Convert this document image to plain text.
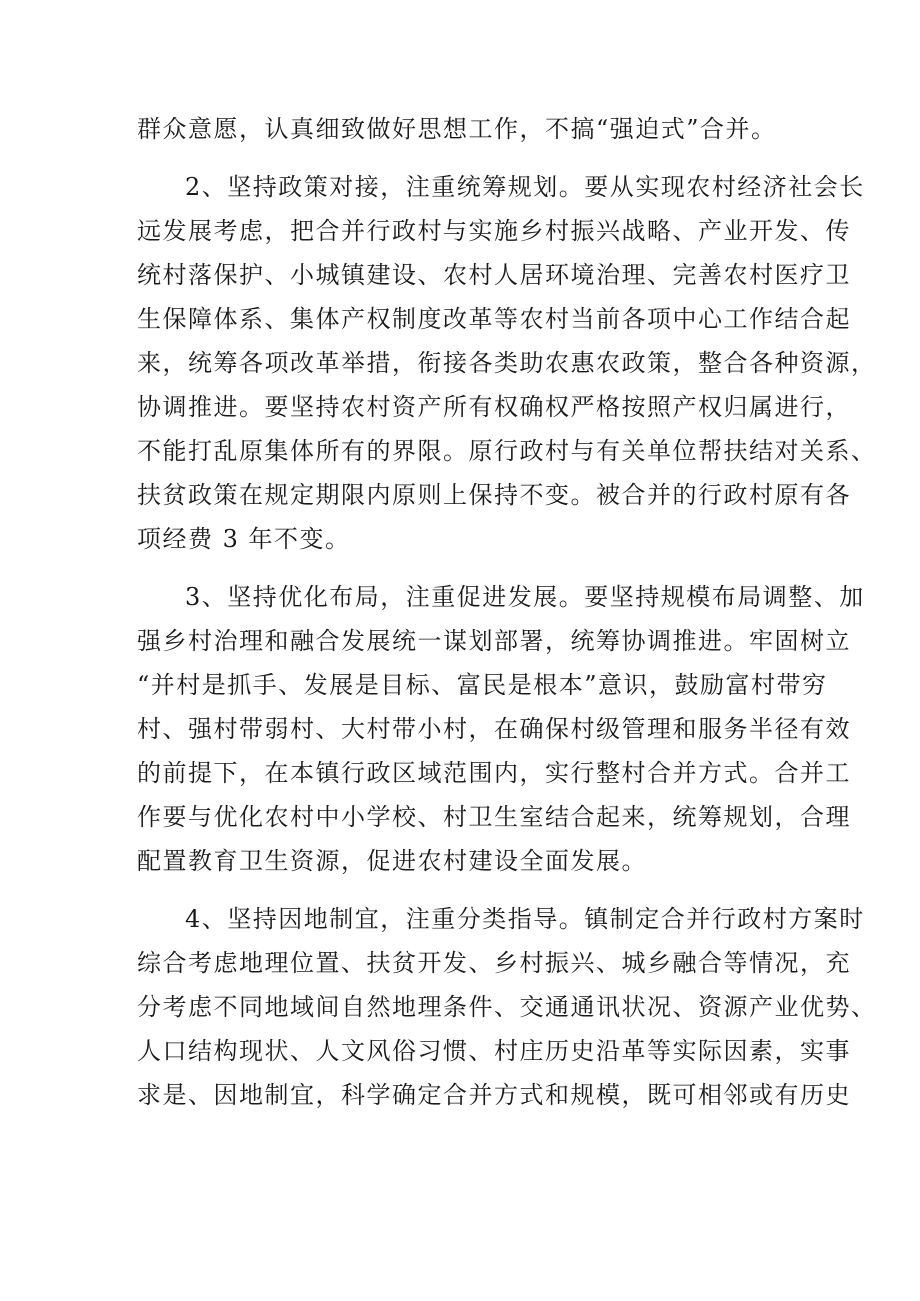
群众意愿，认真细致做好思想工作，不搞“强迫式”合并。
2、坚持政策对接，注重统筹规划。要从实现农村经济社会长
远发展考虑，把合并行政村与实施乡村振兴战略、产业开发、传
统村落保护、小城镇建设、农村人居环境治理、完善农村医疗卫
生保障体系、集体产权制度改革等农村当前各项中心工作结合起
来，统筹各项改革举措，衔接各类助农惠农政策，整合各种资源，
协调推进。要坚持农村资产所有权确权严格按照产权归属进行，
不能打乱原集体所有的界限。原行政村与有关单位帮扶结对关系、
扶贫政策在规定期限内原则上保持不变。被合并的行政村原有各
项经费 3 年不变。
3、坚持优化布局，注重促进发展。要坚持规模布局调整、加
强乡村治理和融合发展统一谋划部署，统筹协调推进。牢固树立
“并村是抓手、发展是目标、富民是根本”意识，鼓励富村带穷
村、强村带弱村、大村带小村，在确保村级管理和服务半径有效
的前提下，在本镇行政区域范围内，实行整村合并方式。合并工
作要与优化农村中小学校、村卫生室结合起来，统筹规划，合理
配置教育卫生资源，促进农村建设全面发展。
4、坚持因地制宜，注重分类指导。镇制定合并行政村方案时
综合考虑地理位置、扶贫开发、乡村振兴、城乡融合等情况，充
分考虑不同地域间自然地理条件、交通通讯状况、资源产业优势、
人口结构现状、人文风俗习惯、村庄历史沿革等实际因素，实事
求是、因地制宜，科学确定合并方式和规模，既可相邻或有历史
